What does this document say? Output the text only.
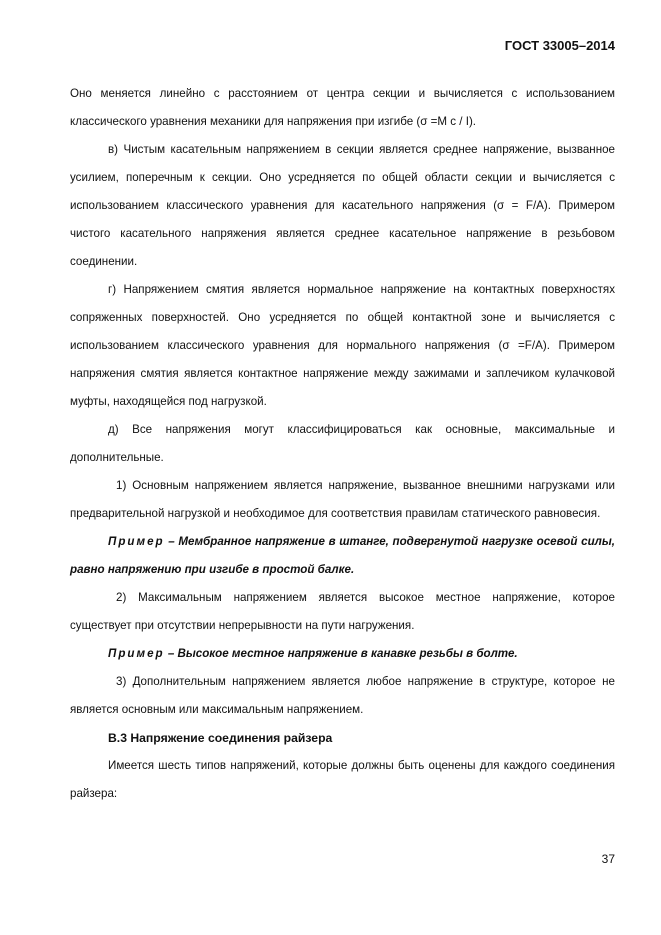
ГОСТ 33005–2014

Оно меняется линейно с расстоянием от центра секции и вычисляется с использованием классического уравнения механики для напряжения при изгибе (σ =M c / I).

в) Чистым касательным напряжением в секции является среднее напряжение, вызванное усилием, поперечным к секции. Оно усредняется по общей области секции и вычисляется с использованием классического уравнения для касательного напряжения (σ = F/A). Примером чистого касательного напряжения является среднее касательное напряжение в резьбовом соединении.

г) Напряжением смятия является нормальное напряжение на контактных поверхностях сопряженных поверхностей. Оно усредняется по общей контактной зоне и вычисляется с использованием классического уравнения для нормального напряжения (σ =F/A). Примером напряжения смятия является контактное напряжение между зажимами и заплечиком кулачковой муфты, находящейся под нагрузкой.

д) Все напряжения могут классифицироваться как основные, максимальные и дополнительные.

1) Основным напряжением является напряжение, вызванное внешними нагрузками или предварительной нагрузкой и необходимое для соответствия правилам статического равновесия.

Пример – Мембранное напряжение в штанге, подвергнутой нагрузке осевой силы, равно напряжению при изгибе в простой балке.

2) Максимальным напряжением является высокое местное напряжение, которое существует при отсутствии непрерывности на пути нагружения.

Пример – Высокое местное напряжение в канавке резьбы в болте.

3) Дополнительным напряжением является любое напряжение в структуре, которое не является основным или максимальным напряжением.

В.3 Напряжение соединения райзера

Имеется шесть типов напряжений, которые должны быть оценены для каждого соединения райзера:

37
